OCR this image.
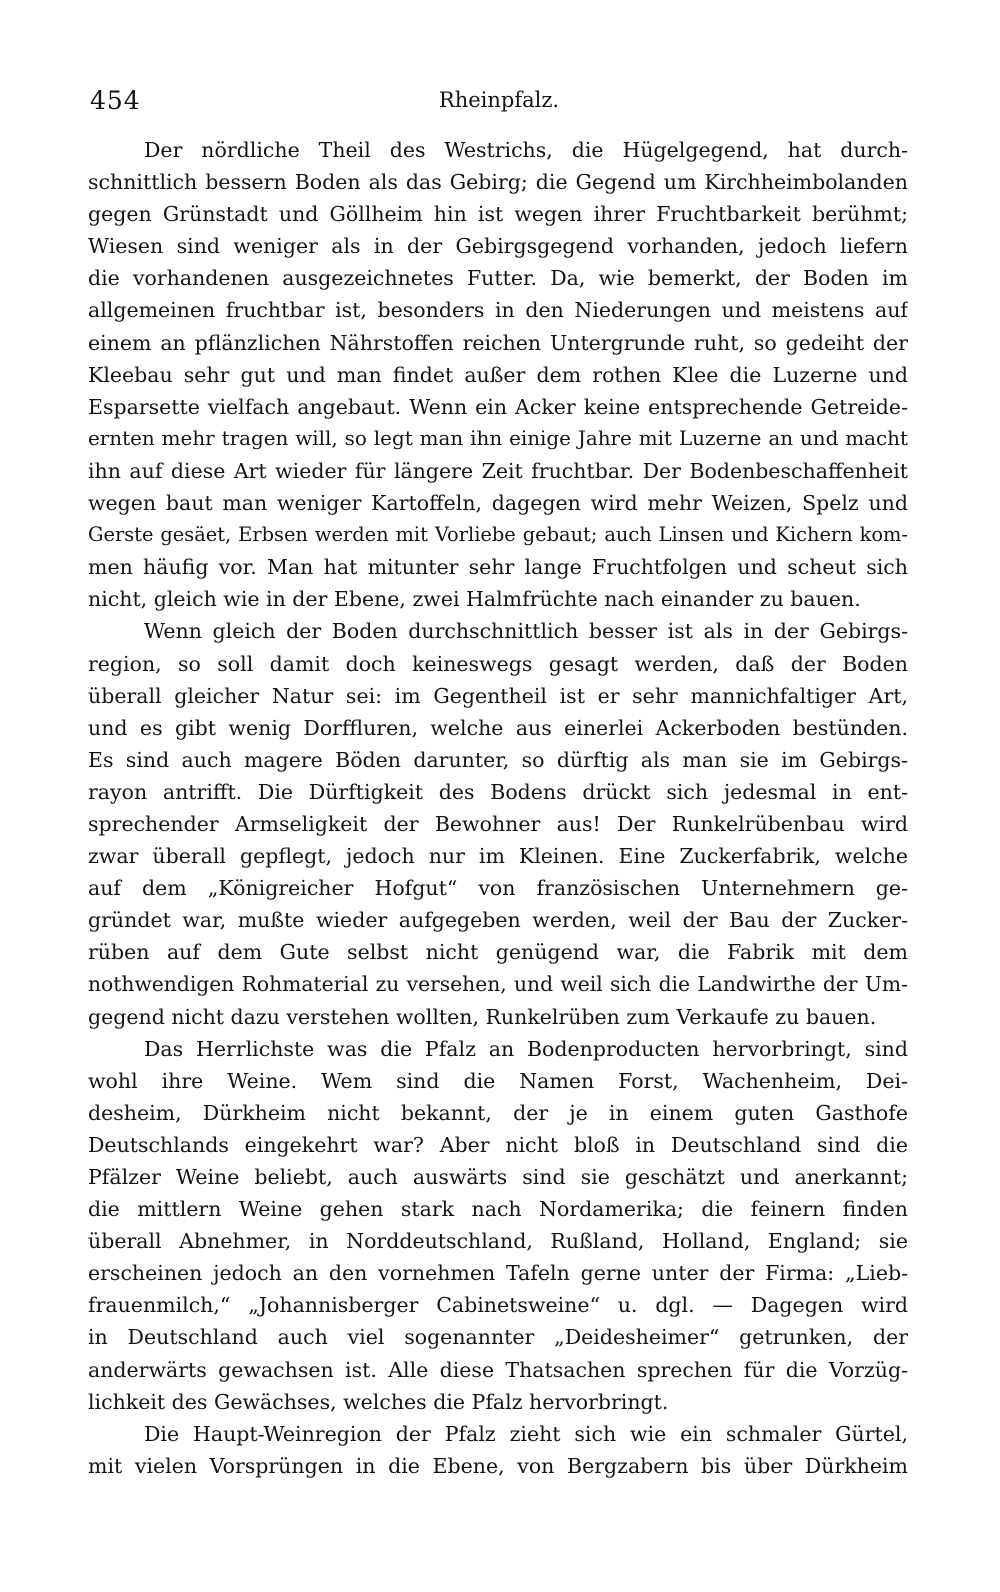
454	Rheinpfalz.
Der nördliche Theil des Westrichs, die Hügelgegend, hat durch-
schnittlich bessern Boden als das Gebirg; die Gegend um Kirchheimbolanden
gegen Grünstadt und Göllheim hin ist wegen ihrer Fruchtbarkeit berühmt;
Wiesen sind weniger als in der Gebirgsgegend vorhanden, jedoch liefern
die vorhandenen ausgezeichnetes Futter. Da, wie bemerkt, der Boden im
allgemeinen fruchtbar ist, besonders in den Niederungen und meistens auf
einem an pflänzlichen Nährstoffen reichen Untergrunde ruht, so gedeiht der
Kleebau sehr gut und man findet außer dem rothen Klee die Luzerne und
Esparsette vielfach angebaut. Wenn ein Acker keine entsprechende Getreide-
ernten mehr tragen will, so legt man ihn einige Jahre mit Luzerne an und macht
ihn auf diese Art wieder für längere Zeit fruchtbar. Der Bodenbeschaffenheit
wegen baut man weniger Kartoffeln, dagegen wird mehr Weizen, Spelz und
Gerste gesäet, Erbsen werden mit Vorliebe gebaut; auch Linsen und Kichern kom-
men häufig vor. Man hat mitunter sehr lange Fruchtfolgen und scheut sich
nicht, gleich wie in der Ebene, zwei Halmfrüchte nach einander zu bauen.
Wenn gleich der Boden durchschnittlich besser ist als in der Gebirgs-
region, so soll damit doch keineswegs gesagt werden, daß der Boden
überall gleicher Natur sei: im Gegentheil ist er sehr mannichfaltiger Art,
und es gibt wenig Dorffluren, welche aus einerlei Ackerboden bestünden.
Es sind auch magere Böden darunter, so dürftig als man sie im Gebirgs-
rayon antrifft. Die Dürftigkeit des Bodens drückt sich jedesmal in ent-
sprechender Armseligkeit der Bewohner aus! Der Runkelrübenbau wird
zwar überall gepflegt, jedoch nur im Kleinen. Eine Zuckerfabrik, welche
auf dem „Königreicher Hofgut“ von französischen Unternehmern ge-
gründet war, mußte wieder aufgegeben werden, weil der Bau der Zucker-
rüben auf dem Gute selbst nicht genügend war, die Fabrik mit dem
nothwendigen Rohmaterial zu versehen, und weil sich die Landwirthe der Um-
gegend nicht dazu verstehen wollten, Runkelrüben zum Verkaufe zu bauen.
Das Herrlichste was die Pfalz an Bodenproducten hervorbringt, sind
wohl ihre Weine. Wem sind die Namen Forst, Wachenheim, Dei-
desheim, Dürkheim nicht bekannt, der je in einem guten Gasthofe
Deutschlands eingekehrt war? Aber nicht bloß in Deutschland sind die
Pfälzer Weine beliebt, auch auswärts sind sie geschätzt und anerkannt;
die mittlern Weine gehen stark nach Nordamerika; die feinern finden
überall Abnehmer, in Norddeutschland, Rußland, Holland, England; sie
erscheinen jedoch an den vornehmen Tafeln gerne unter der Firma: „Lieb-
frauenmilch,“ „Johannisberger Cabinetsweine“ u. dgl. — Dagegen wird
in Deutschland auch viel sogenannter „Deidesheimer“ getrunken, der
anderwärts gewachsen ist. Alle diese Thatsachen sprechen für die Vorzüg-
lichkeit des Gewächses, welches die Pfalz hervorbringt.
Die Haupt-Weinregion der Pfalz zieht sich wie ein schmaler Gürtel,
mit vielen Vorsprüngen in die Ebene, von Bergzabern bis über Dürkheim
